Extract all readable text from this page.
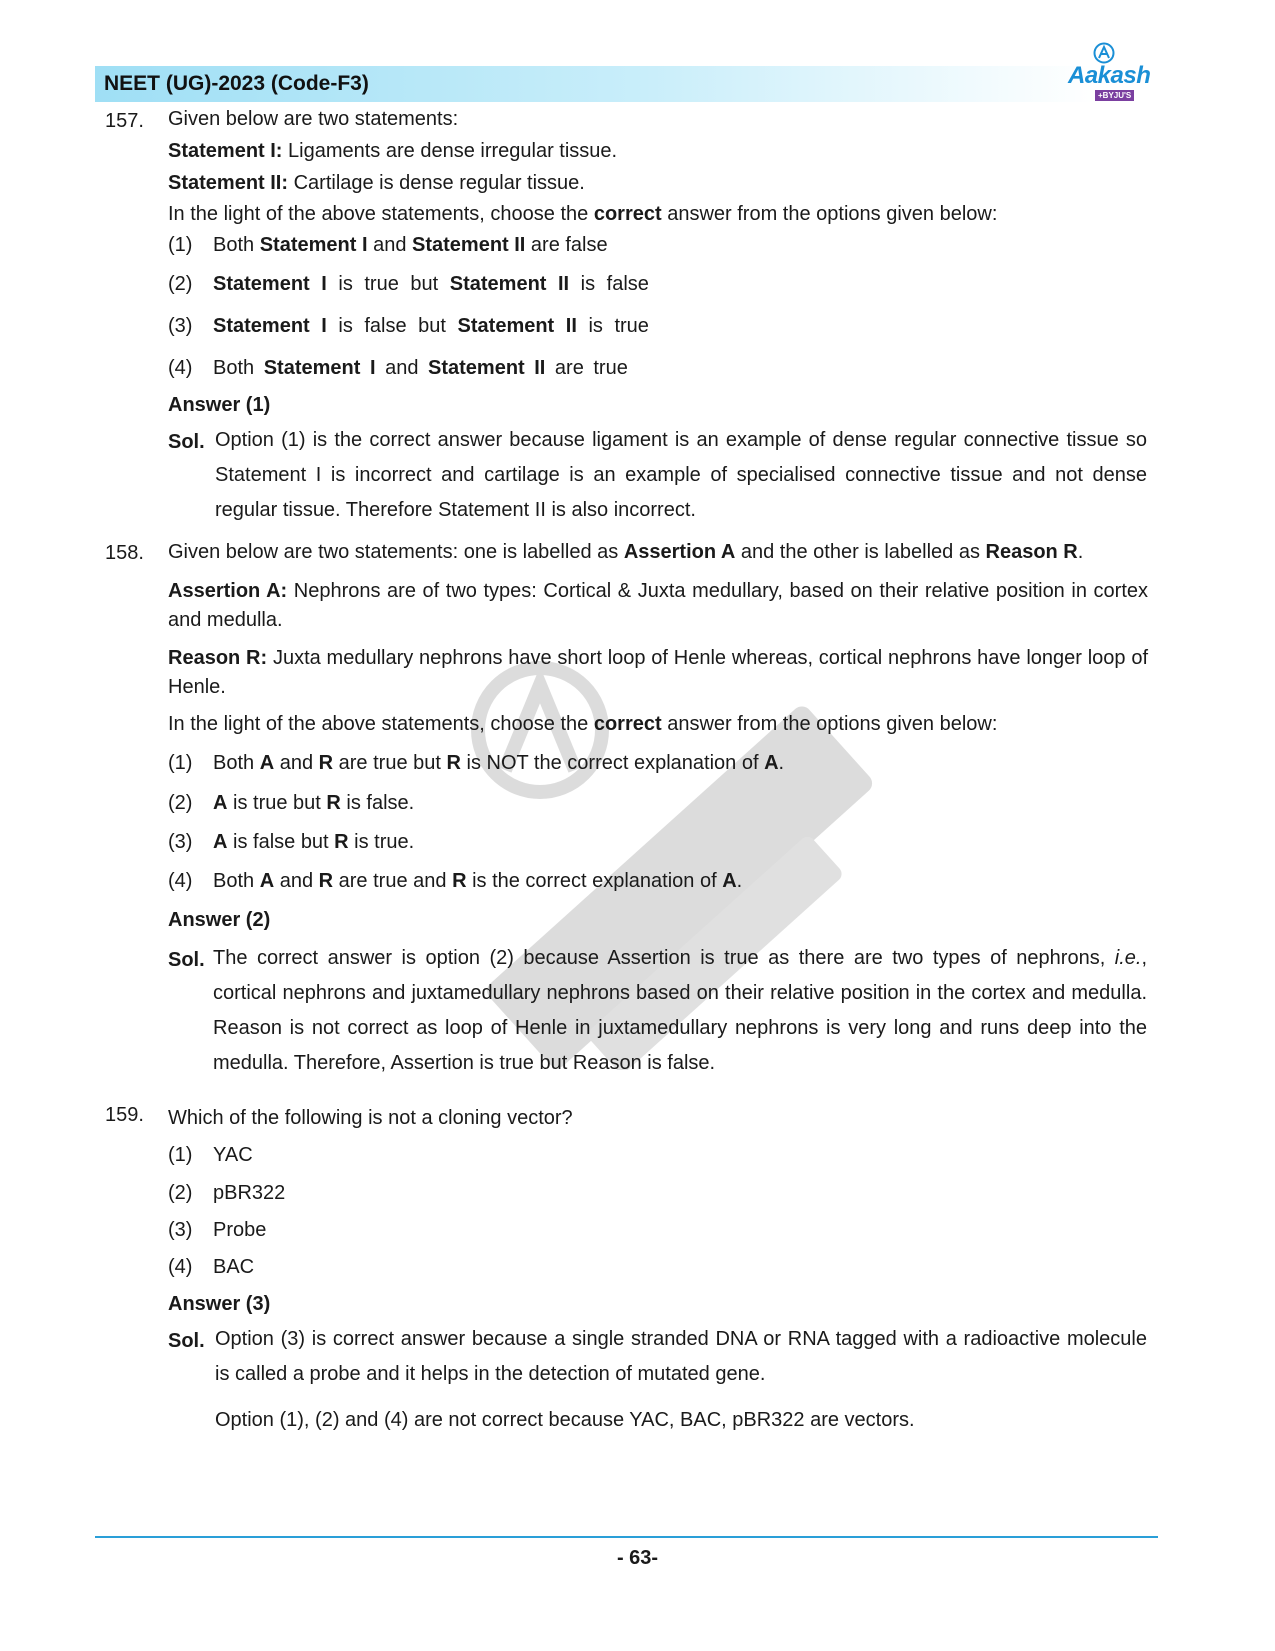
NEET (UG)-2023 (Code-F3)	Aakash
+BYJU'S
157. Given below are two statements:
Statement I: Ligaments are dense irregular tissue.
Statement II: Cartilage is dense regular tissue.
In the light of the above statements, choose the correct answer from the options given below:
(1) Both Statement I and Statement II are false
(2) Statement I is true but Statement II is false
(3) Statement I is false but Statement II is true
(4) Both Statement I and Statement II are true
Answer (1)
Sol. Option (1) is the correct answer because ligament is an example of dense regular connective tissue so Statement I is incorrect and cartilage is an example of specialised connective tissue and not dense regular tissue. Therefore Statement II is also incorrect.
158. Given below are two statements: one is labelled as Assertion A and the other is labelled as Reason R.
Assertion A: Nephrons are of two types: Cortical & Juxta medullary, based on their relative position in cortex and medulla.
Reason R: Juxta medullary nephrons have short loop of Henle whereas, cortical nephrons have longer loop of Henle.
In the light of the above statements, choose the correct answer from the options given below:
(1) Both A and R are true but R is NOT the correct explanation of A.
(2) A is true but R is false.
(3) A is false but R is true.
(4) Both A and R are true and R is the correct explanation of A.
Answer (2)
Sol. The correct answer is option (2) because Assertion is true as there are two types of nephrons, i.e., cortical nephrons and juxtamedullary nephrons based on their relative position in the cortex and medulla. Reason is not correct as loop of Henle in juxtamedullary nephrons is very long and runs deep into the medulla. Therefore, Assertion is true but Reason is false.
159. Which of the following is not a cloning vector?
(1) YAC
(2) pBR322
(3) Probe
(4) BAC
Answer (3)
Sol. Option (3) is correct answer because a single stranded DNA or RNA tagged with a radioactive molecule is called a probe and it helps in the detection of mutated gene.
Option (1), (2) and (4) are not correct because YAC, BAC, pBR322 are vectors.
- 63-
